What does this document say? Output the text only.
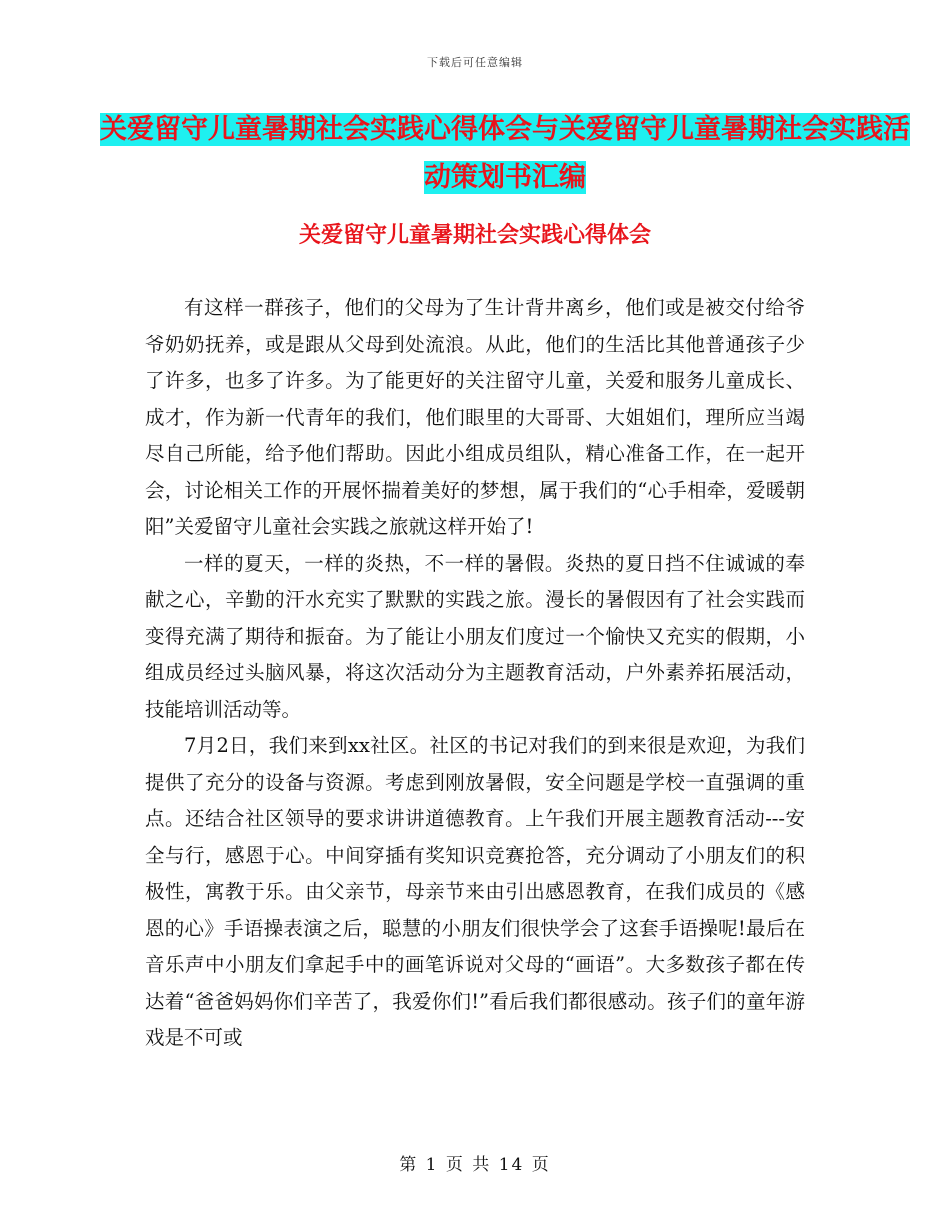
下载后可任意编辑
关爱留守儿童暑期社会实践心得体会与关爱留守儿童暑期社会实践活动策划书汇编
关爱留守儿童暑期社会实践心得体会

有这样一群孩子，他们的父母为了生计背井离乡，他们或是被交付给爷爷奶奶抚养，或是跟从父母到处流浪。从此，他们的生活比其他普通孩子少了许多，也多了许多。为了能更好的关注留守儿童，关爱和服务儿童成长、成才，作为新一代青年的我们，他们眼里的大哥哥、大姐姐们，理所应当竭尽自己所能，给予他们帮助。因此小组成员组队，精心准备工作，在一起开会，讨论相关工作的开展怀揣着美好的梦想，属于我们的“心手相牵，爱暖朝阳”关爱留守儿童社会实践之旅就这样开始了!

一样的夏天，一样的炎热，不一样的暑假。炎热的夏日挡不住诚诚的奉献之心，辛勤的汗水充实了默默的实践之旅。漫长的暑假因有了社会实践而变得充满了期待和振奋。为了能让小朋友们度过一个愉快又充实的假期，小组成员经过头脑风暴，将这次活动分为主题教育活动，户外素养拓展活动，技能培训活动等。

7月2日，我们来到xx社区。社区的书记对我们的到来很是欢迎，为我们提供了充分的设备与资源。考虑到刚放暑假，安全问题是学校一直强调的重点。还结合社区领导的要求讲讲道德教育。上午我们开展主题教育活动---安全与行，感恩于心。中间穿插有奖知识竞赛抢答，充分调动了小朋友们的积极性，寓教于乐。由父亲节，母亲节来由引出感恩教育，在我们成员的《感恩的心》手语操表演之后，聪慧的小朋友们很快学会了这套手语操呢!最后在音乐声中小朋友们拿起手中的画笔诉说对父母的“画语”。大多数孩子都在传达着“爸爸妈妈你们辛苦了，我爱你们!”看后我们都很感动。孩子们的童年游戏是不可或

第 1 页 共 14 页
